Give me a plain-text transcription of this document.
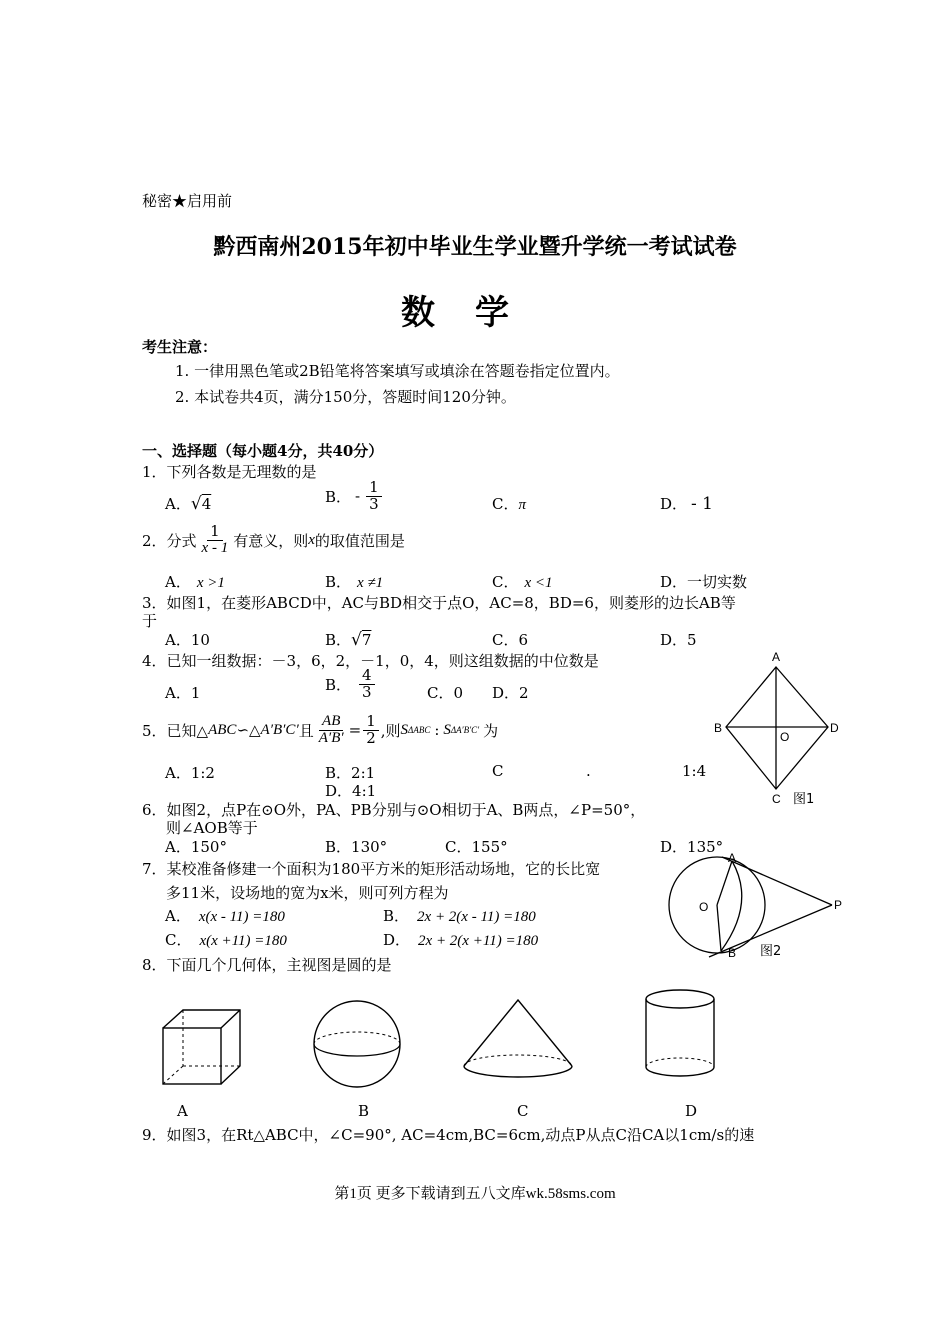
秘密★启用前
黔西南州2015年初中毕业生学业暨升学统一考试试卷
数学
考生注意：
1. 一律用黑色笔或2B铅笔将答案填写或填涂在答题卷指定位置内。
2. 本试卷共4页，满分150分，答题时间120分钟。
一、选择题（每小题4分，共40分）
1．下列各数是无理数的是
A．√4	B． - $\frac{1}{3}$	C．π	D． - 1
2．分式 $\frac{1}{x - 1}$ 有意义，则 x 的取值范围是
A． x >1	B． x ≠1	C． x <1	D．一切实数
3．如图1，在菱形ABCD中，AC与BD相交于点O，AC=8，BD=6，则菱形的边长AB等
于
A．10	B．√7	C．6	D．5
4．已知一组数据：－3，6，2，－1，0，4，则这组数据的中位数是
A．1	B． $\frac{4}{3}$	C．0 D．2
5．已知△ ABC ∽△ A′B′C′ 且 $\frac{AB}{A'B'} = \frac{1}{2}$ ,则 S ΔABC : S ΔA′B′C′ 为
A．1:2	B．2:1	C	.	1:4
D．4:1
6．如图2，点P在⊙O外，PA、PB分别与⊙O相切于A、B两点，∠P=50°，
则∠AOB等于
A．150°	B．130°	C．155°	D．135°
7．某校准备修建一个面积为180平方米的矩形活动场地，它的长比宽
多11米，设场地的宽为x米，则可列方程为
A． x(x - 11) =180	B． 2x + 2(x - 11) =180
C． x(x +11) =180	D． 2x + 2(x +11) =180
8．下面几个几何体，主视图是圆的是
A	B	C	D
9．如图3，在Rt△ABC中，∠C=90°, AC=4cm,BC=6cm,动点P从点C沿CA以1cm/s的速
A
B
C
D
O
图1
A
O	P
B 图2
第1页 更多下载请到五八文库wk.58sms.com
